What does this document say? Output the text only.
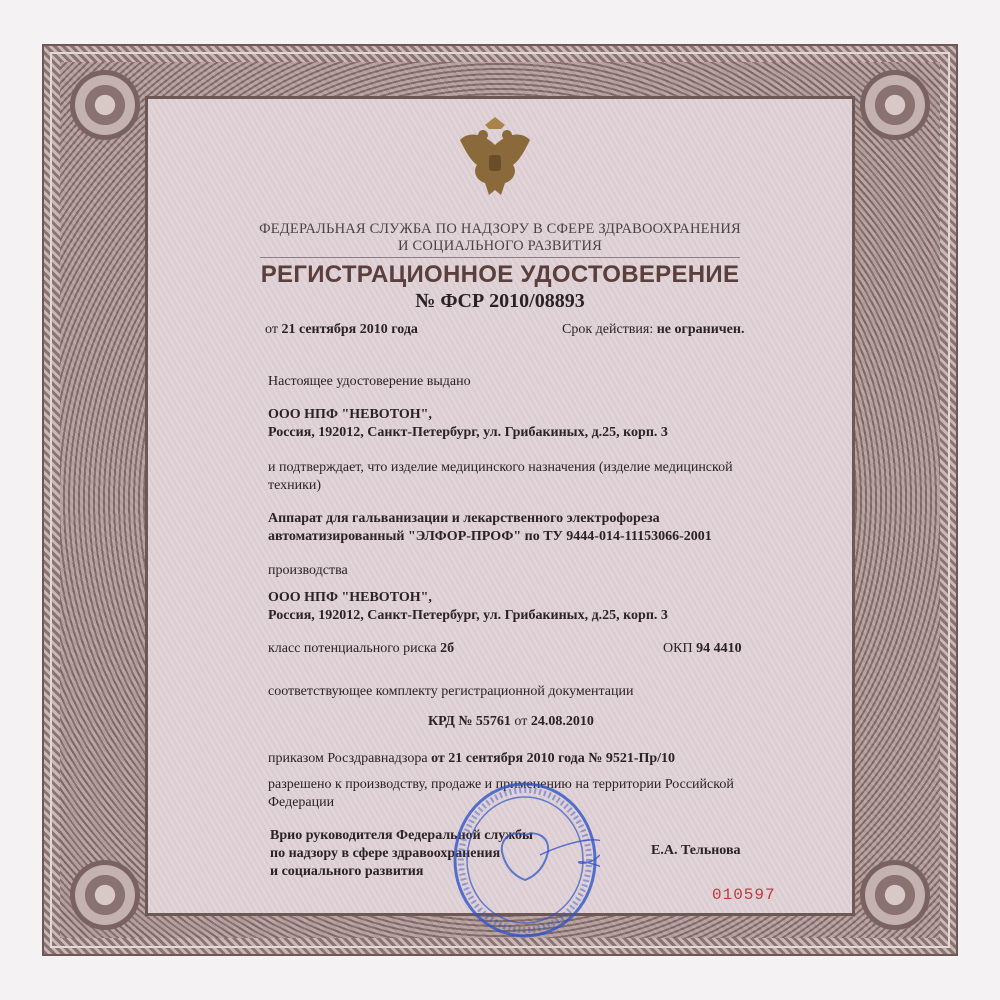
ФЕДЕРАЛЬНАЯ СЛУЖБА ПО НАДЗОРУ В СФЕРЕ ЗДРАВООХРАНЕНИЯ
И СОЦИАЛЬНОГО РАЗВИТИЯ
РЕГИСТРАЦИОННОЕ УДОСТОВЕРЕНИЕ
№ ФСР 2010/08893
от 21 сентября 2010 года	Срок действия: не ограничен.
Настоящее удостоверение выдано
ООО НПФ "НЕВОТОН",
Россия, 192012, Санкт-Петербург, ул. Грибакиных, д.25, корп. 3
и подтверждает, что изделие медицинского назначения (изделие медицинской
техники)
Аппарат для гальванизации и лекарственного электрофореза
автоматизированный "ЭЛФОР-ПРОФ" по ТУ 9444-014-11153066-2001
производства
ООО НПФ "НЕВОТОН",
Россия, 192012, Санкт-Петербург, ул. Грибакиных, д.25, корп. 3
класс потенциального риска 2б	ОКП 94 4410
соответствующее комплекту регистрационной документации
КРД № 55761 от 24.08.2010
приказом Росздравнадзора от 21 сентября 2010 года № 9521-Пр/10
разрешено к производству, продаже и применению на территории Российской
Федерации
Врио руководителя Федеральной службы
по надзору в сфере здравоохранения
и социального развития
Е.А. Тельнова
010597
